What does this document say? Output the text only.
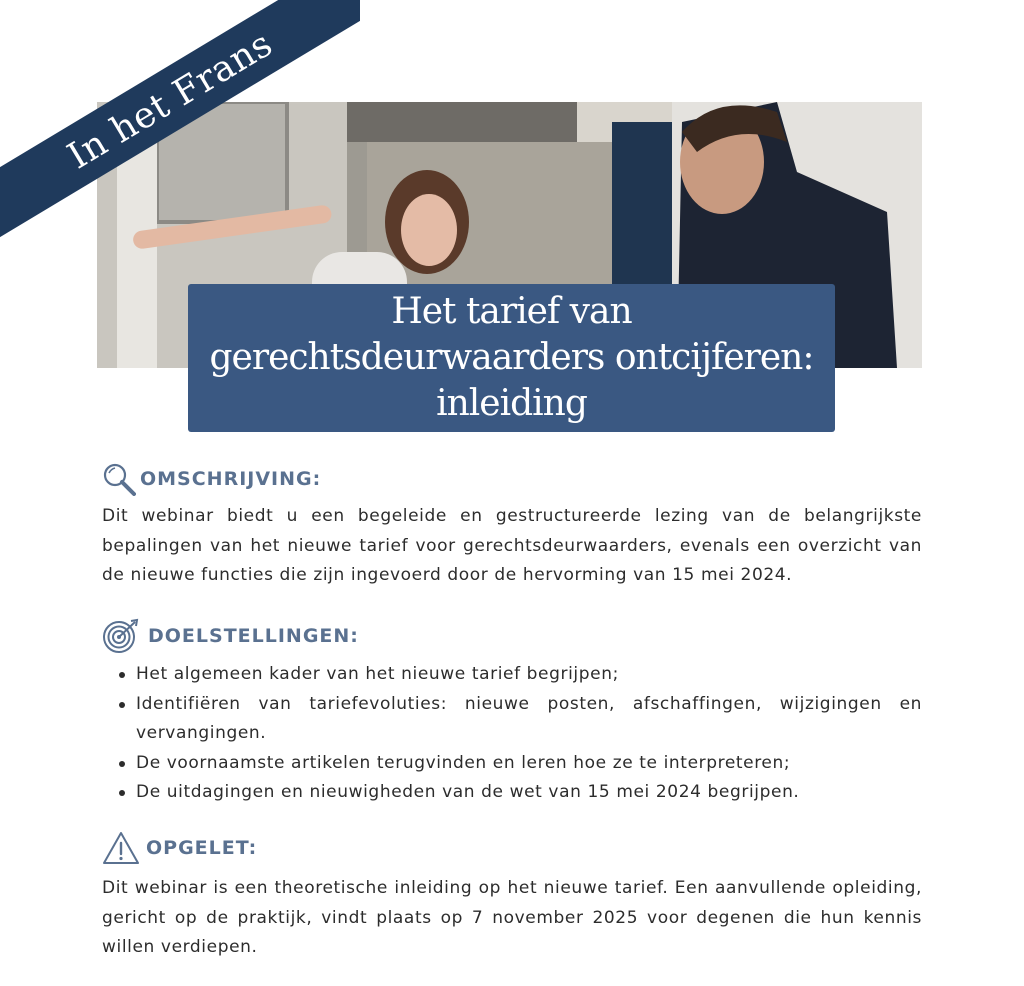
In het Frans
Het tarief van gerechtsdeurwaarders ontcijferen: inleiding
OMSCHRIJVING:
Dit webinar biedt u een begeleide en gestructureerde lezing van de belangrijkste bepalingen van het nieuwe tarief voor gerechtsdeurwaarders, evenals een overzicht van de nieuwe functies die zijn ingevoerd door de hervorming van 15 mei 2024.
DOELSTELLINGEN:
Het algemeen kader van het nieuwe tarief begrijpen;
Identifiëren van tariefevoluties: nieuwe posten, afschaffingen, wijzigingen en vervangingen.
De voornaamste artikelen terugvinden en leren hoe ze te interpreteren;
De uitdagingen en nieuwigheden van de wet van 15 mei 2024 begrijpen.
OPGELET:
Dit webinar is een theoretische inleiding op het nieuwe tarief. Een aanvullende opleiding, gericht op de praktijk, vindt plaats op 7 november 2025 voor degenen die hun kennis willen verdiepen.
